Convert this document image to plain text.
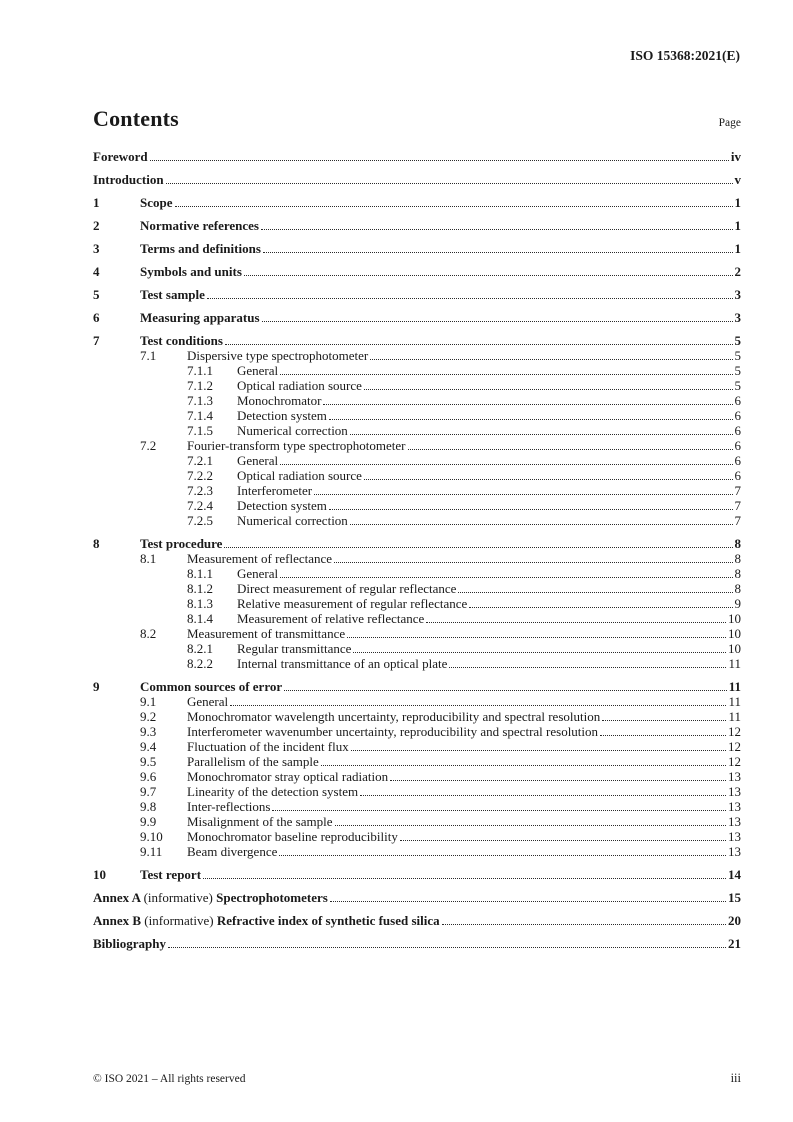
ISO 15368:2021(E)
Contents	Page
Foreword	iv
Introduction	v
1	Scope	1
2	Normative references	1
3	Terms and definitions	1
4	Symbols and units	2
5	Test sample	3
6	Measuring apparatus	3
7	Test conditions	5
7.1	Dispersive type spectrophotometer	5
7.1.1	General	5
7.1.2	Optical radiation source	5
7.1.3	Monochromator	6
7.1.4	Detection system	6
7.1.5	Numerical correction	6
7.2	Fourier-transform type spectrophotometer	6
7.2.1	General	6
7.2.2	Optical radiation source	6
7.2.3	Interferometer	7
7.2.4	Detection system	7
7.2.5	Numerical correction	7
8	Test procedure	8
8.1	Measurement of reflectance	8
8.1.1	General	8
8.1.2	Direct measurement of regular reflectance	8
8.1.3	Relative measurement of regular reflectance	9
8.1.4	Measurement of relative reflectance	10
8.2	Measurement of transmittance	10
8.2.1	Regular transmittance	10
8.2.2	Internal transmittance of an optical plate	11
9	Common sources of error	11
9.1	General	11
9.2	Monochromator wavelength uncertainty, reproducibility and spectral resolution	11
9.3	Interferometer wavenumber uncertainty, reproducibility and spectral resolution	12
9.4	Fluctuation of the incident flux	12
9.5	Parallelism of the sample	12
9.6	Monochromator stray optical radiation	13
9.7	Linearity of the detection system	13
9.8	Inter-reflections	13
9.9	Misalignment of the sample	13
9.10	Monochromator baseline reproducibility	13
9.11	Beam divergence	13
10	Test report	14
Annex A (informative) Spectrophotometers	15
Annex B (informative) Refractive index of synthetic fused silica	20
Bibliography	21
© ISO 2021 – All rights reserved	iii
